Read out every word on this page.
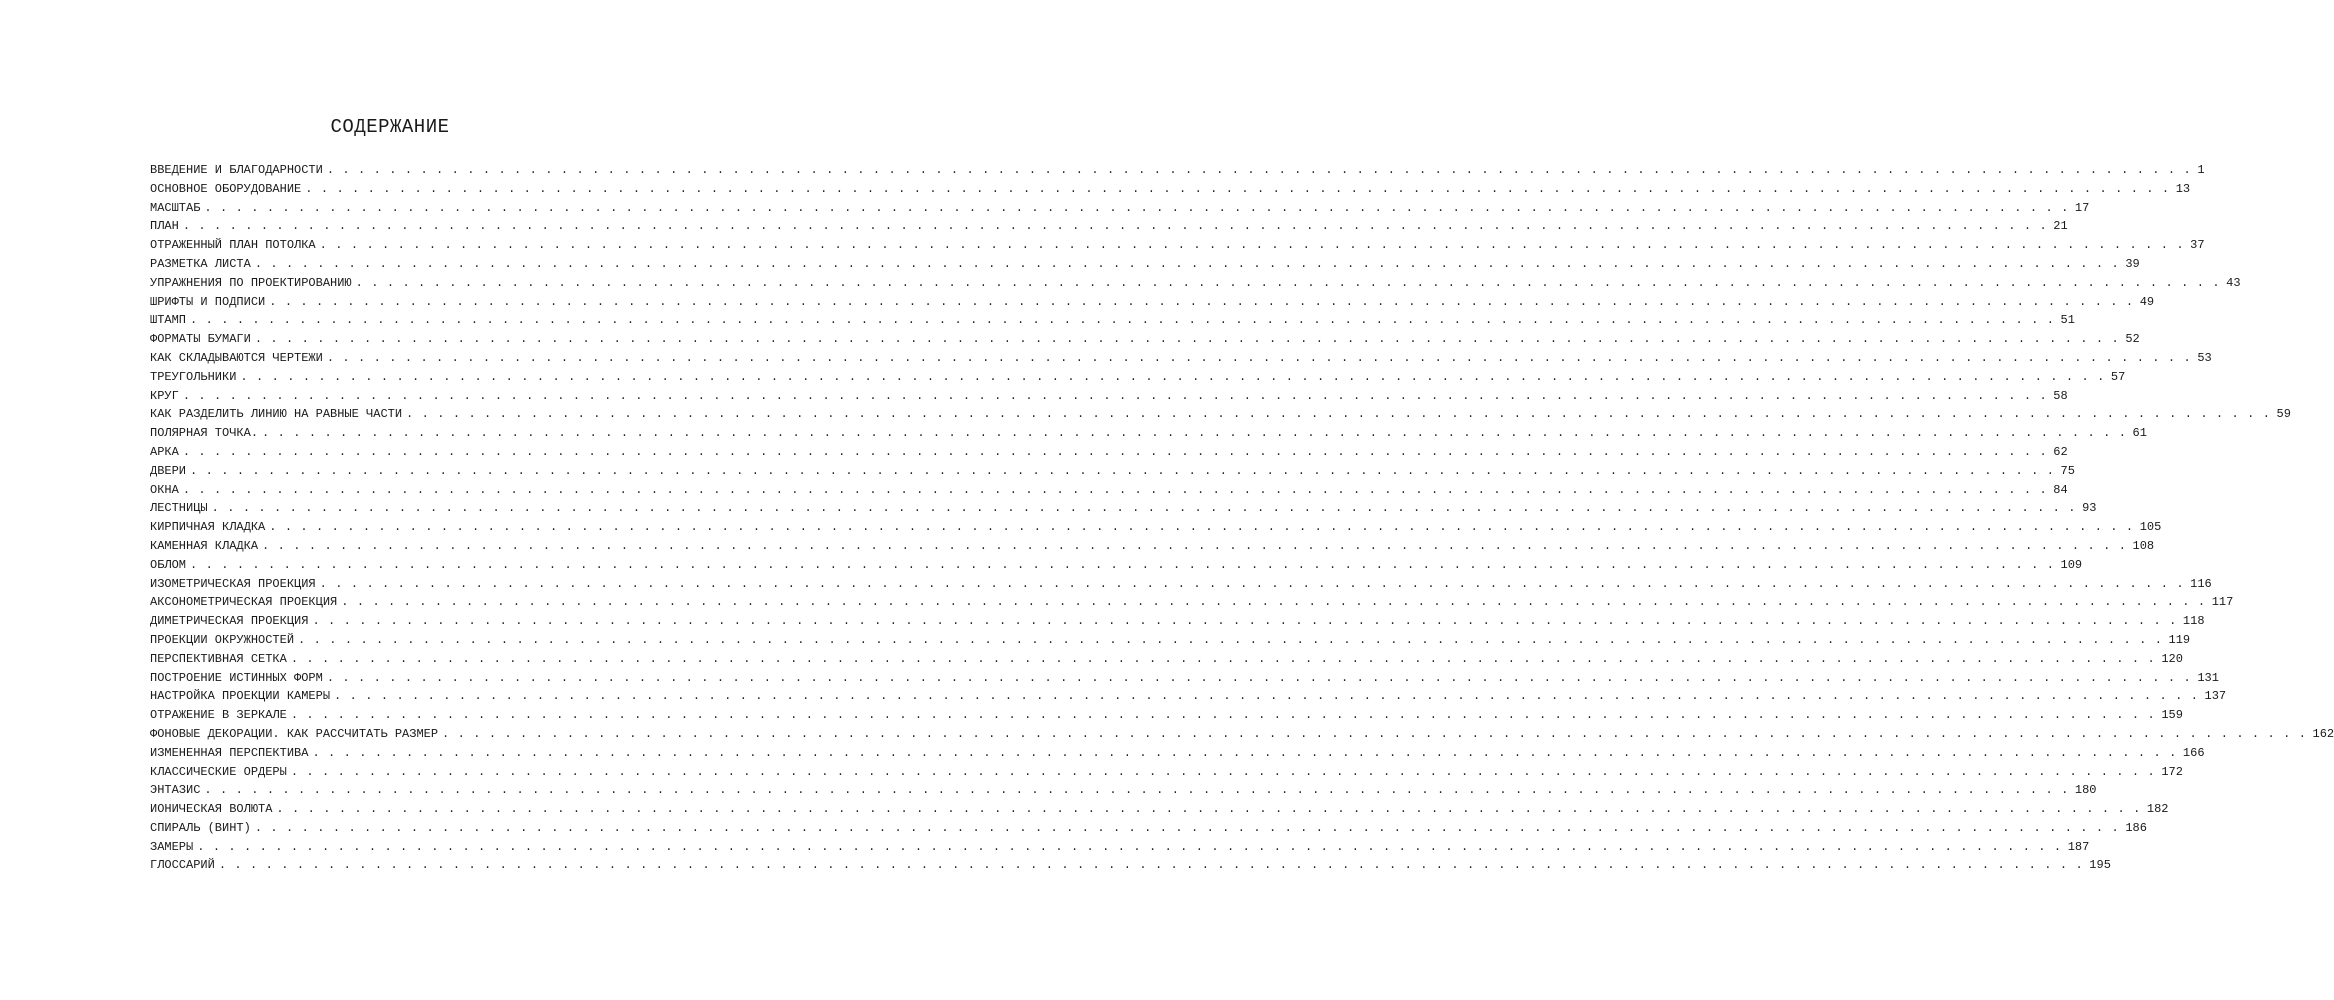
СОДЕРЖАНИЕ
ВВЕДЕНИЕ И БЛАГОДАРНОСТИ . . . . . . . . . . . . . . . . . . . . . . . . . . . . . . . . . . . . . . . . . . . . . . . . . . . . . . . . . . . . . . . . . . . . . . . . . . . . . . . . . . . . . . . . . . . . . . . . . . . . . . . . . . . . . . . . . . . . . . . . 1
ОСНОВНОЕ ОБОРУДОВАНИЕ . . . . . . . . . . . . . . . . . . . . . . . . . . . . . . . . . . . . . . . . . . . . . . . . . . . . . . . . . . . . . . . . . . . . . . . . . . . . . . . . . . . . . . . . . . . . . . . . . . . . . . . . . . . . . . . . . . . . . . . . 13
МАСШТАБ . . . . . . . . . . . . . . . . . . . . . . . . . . . . . . . . . . . . . . . . . . . . . . . . . . . . . . . . . . . . . . . . . . . . . . . . . . . . . . . . . . . . . . . . . . . . . . . . . . . . . . . . . . . . . . . . . . . . . . . . 17
ПЛАН . . . . . . . . . . . . . . . . . . . . . . . . . . . . . . . . . . . . . . . . . . . . . . . . . . . . . . . . . . . . . . . . . . . . . . . . . . . . . . . . . . . . . . . . . . . . . . . . . . . . . . . . . . . . . . . . . . . . . . . . 21
ОТРАЖЕННЫЙ ПЛАН ПОТОЛКА . . . . . . . . . . . . . . . . . . . . . . . . . . . . . . . . . . . . . . . . . . . . . . . . . . . . . . . . . . . . . . . . . . . . . . . . . . . . . . . . . . . . . . . . . . . . . . . . . . . . . . . . . . . . . . . . . . . . . . . . 37
РАЗМЕТКА ЛИСТА . . . . . . . . . . . . . . . . . . . . . . . . . . . . . . . . . . . . . . . . . . . . . . . . . . . . . . . . . . . . . . . . . . . . . . . . . . . . . . . . . . . . . . . . . . . . . . . . . . . . . . . . . . . . . . . . . . . . . . . . 39
УПРАЖНЕНИЯ ПО ПРОЕКТИРОВАНИЮ . . . . . . . . . . . . . . . . . . . . . . . . . . . . . . . . . . . . . . . . . . . . . . . . . . . . . . . . . . . . . . . . . . . . . . . . . . . . . . . . . . . . . . . . . . . . . . . . . . . . . . . . . . . . . . . . . . . . . . . . 43
ШРИФТЫ И ПОДПИСИ . . . . . . . . . . . . . . . . . . . . . . . . . . . . . . . . . . . . . . . . . . . . . . . . . . . . . . . . . . . . . . . . . . . . . . . . . . . . . . . . . . . . . . . . . . . . . . . . . . . . . . . . . . . . . . . . . . . . . . . . 49
ШТАМП . . . . . . . . . . . . . . . . . . . . . . . . . . . . . . . . . . . . . . . . . . . . . . . . . . . . . . . . . . . . . . . . . . . . . . . . . . . . . . . . . . . . . . . . . . . . . . . . . . . . . . . . . . . . . . . . . . . . . . . . 51
ФОРМАТЫ БУМАГИ . . . . . . . . . . . . . . . . . . . . . . . . . . . . . . . . . . . . . . . . . . . . . . . . . . . . . . . . . . . . . . . . . . . . . . . . . . . . . . . . . . . . . . . . . . . . . . . . . . . . . . . . . . . . . . . . . . . . . . . . 52
КАК СКЛАДЫВАЮТСЯ ЧЕРТЕЖИ . . . . . . . . . . . . . . . . . . . . . . . . . . . . . . . . . . . . . . . . . . . . . . . . . . . . . . . . . . . . . . . . . . . . . . . . . . . . . . . . . . . . . . . . . . . . . . . . . . . . . . . . . . . . . . . . . . . . . . . . 53
ТРЕУГОЛЬНИКИ . . . . . . . . . . . . . . . . . . . . . . . . . . . . . . . . . . . . . . . . . . . . . . . . . . . . . . . . . . . . . . . . . . . . . . . . . . . . . . . . . . . . . . . . . . . . . . . . . . . . . . . . . . . . . . . . . . . . . . . . 57
КРУГ . . . . . . . . . . . . . . . . . . . . . . . . . . . . . . . . . . . . . . . . . . . . . . . . . . . . . . . . . . . . . . . . . . . . . . . . . . . . . . . . . . . . . . . . . . . . . . . . . . . . . . . . . . . . . . . . . . . . . . . . 58
КАК РАЗДЕЛИТЬ ЛИНИЮ НА РАВНЫЕ ЧАСТИ . . . . . . . . . . . . . . . . . . . . . . . . . . . . . . . . . . . . . . . . . . . . . . . . . . . . . . . . . . . . . . . . . . . . . . . . . . . . . . . . . . . . . . . . . . . . . . . . . . . . . . . . . . . . . . . . . . . . . . . . 59
ПОЛЯРНАЯ ТОЧКА. . . . . . . . . . . . . . . . . . . . . . . . . . . . . . . . . . . . . . . . . . . . . . . . . . . . . . . . . . . . . . . . . . . . . . . . . . . . . . . . . . . . . . . . . . . . . . . . . . . . . . . . . . . . . . . . . . . . . . . . . 61
АРКА . . . . . . . . . . . . . . . . . . . . . . . . . . . . . . . . . . . . . . . . . . . . . . . . . . . . . . . . . . . . . . . . . . . . . . . . . . . . . . . . . . . . . . . . . . . . . . . . . . . . . . . . . . . . . . . . . . . . . . . . 62
ДВЕРИ . . . . . . . . . . . . . . . . . . . . . . . . . . . . . . . . . . . . . . . . . . . . . . . . . . . . . . . . . . . . . . . . . . . . . . . . . . . . . . . . . . . . . . . . . . . . . . . . . . . . . . . . . . . . . . . . . . . . . . . . 75
ОКНА . . . . . . . . . . . . . . . . . . . . . . . . . . . . . . . . . . . . . . . . . . . . . . . . . . . . . . . . . . . . . . . . . . . . . . . . . . . . . . . . . . . . . . . . . . . . . . . . . . . . . . . . . . . . . . . . . . . . . . . . 84
ЛЕСТНИЦЫ . . . . . . . . . . . . . . . . . . . . . . . . . . . . . . . . . . . . . . . . . . . . . . . . . . . . . . . . . . . . . . . . . . . . . . . . . . . . . . . . . . . . . . . . . . . . . . . . . . . . . . . . . . . . . . . . . . . . . . . . 93
КИРПИЧНАЯ КЛАДКА . . . . . . . . . . . . . . . . . . . . . . . . . . . . . . . . . . . . . . . . . . . . . . . . . . . . . . . . . . . . . . . . . . . . . . . . . . . . . . . . . . . . . . . . . . . . . . . . . . . . . . . . . . . . . . . . . . . . . . . . 105
КАМЕННАЯ КЛАДКА . . . . . . . . . . . . . . . . . . . . . . . . . . . . . . . . . . . . . . . . . . . . . . . . . . . . . . . . . . . . . . . . . . . . . . . . . . . . . . . . . . . . . . . . . . . . . . . . . . . . . . . . . . . . . . . . . . . . . . . . 108
ОБЛОМ . . . . . . . . . . . . . . . . . . . . . . . . . . . . . . . . . . . . . . . . . . . . . . . . . . . . . . . . . . . . . . . . . . . . . . . . . . . . . . . . . . . . . . . . . . . . . . . . . . . . . . . . . . . . . . . . . . . . . . . . 109
ИЗОМЕТРИЧЕСКАЯ ПРОЕКЦИЯ . . . . . . . . . . . . . . . . . . . . . . . . . . . . . . . . . . . . . . . . . . . . . . . . . . . . . . . . . . . . . . . . . . . . . . . . . . . . . . . . . . . . . . . . . . . . . . . . . . . . . . . . . . . . . . . . . . . . . . . . 116
АКСОНОМЕТРИЧЕСКАЯ ПРОЕКЦИЯ . . . . . . . . . . . . . . . . . . . . . . . . . . . . . . . . . . . . . . . . . . . . . . . . . . . . . . . . . . . . . . . . . . . . . . . . . . . . . . . . . . . . . . . . . . . . . . . . . . . . . . . . . . . . . . . . . . . . . . . . 117
ДИМЕТРИЧЕСКАЯ ПРОЕКЦИЯ . . . . . . . . . . . . . . . . . . . . . . . . . . . . . . . . . . . . . . . . . . . . . . . . . . . . . . . . . . . . . . . . . . . . . . . . . . . . . . . . . . . . . . . . . . . . . . . . . . . . . . . . . . . . . . . . . . . . . . . . 118
ПРОЕКЦИИ ОКРУЖНОСТЕЙ . . . . . . . . . . . . . . . . . . . . . . . . . . . . . . . . . . . . . . . . . . . . . . . . . . . . . . . . . . . . . . . . . . . . . . . . . . . . . . . . . . . . . . . . . . . . . . . . . . . . . . . . . . . . . . . . . . . . . . . . 119
ПЕРСПЕКТИВНАЯ СЕТКА . . . . . . . . . . . . . . . . . . . . . . . . . . . . . . . . . . . . . . . . . . . . . . . . . . . . . . . . . . . . . . . . . . . . . . . . . . . . . . . . . . . . . . . . . . . . . . . . . . . . . . . . . . . . . . . . . . . . . . . . 120
ПОСТРОЕНИЕ ИСТИННЫХ ФОРМ . . . . . . . . . . . . . . . . . . . . . . . . . . . . . . . . . . . . . . . . . . . . . . . . . . . . . . . . . . . . . . . . . . . . . . . . . . . . . . . . . . . . . . . . . . . . . . . . . . . . . . . . . . . . . . . . . . . . . . . . 131
НАСТРОЙКА ПРОЕКЦИИ КАМЕРЫ . . . . . . . . . . . . . . . . . . . . . . . . . . . . . . . . . . . . . . . . . . . . . . . . . . . . . . . . . . . . . . . . . . . . . . . . . . . . . . . . . . . . . . . . . . . . . . . . . . . . . . . . . . . . . . . . . . . . . . . . 137
ОТРАЖЕНИЕ В ЗЕРКАЛЕ . . . . . . . . . . . . . . . . . . . . . . . . . . . . . . . . . . . . . . . . . . . . . . . . . . . . . . . . . . . . . . . . . . . . . . . . . . . . . . . . . . . . . . . . . . . . . . . . . . . . . . . . . . . . . . . . . . . . . . . . 159
ФОНОВЫЕ ДЕКОРАЦИИ. КАК РАССЧИТАТЬ РАЗМЕР . . . . . . . . . . . . . . . . . . . . . . . . . . . . . . . . . . . . . . . . . . . . . . . . . . . . . . . . . . . . . . . . . . . . . . . . . . . . . . . . . . . . . . . . . . . . . . . . . . . . . . . . . . . . . . . . . . . . . . . . 162
ИЗМЕНЕННАЯ ПЕРСПЕКТИВА . . . . . . . . . . . . . . . . . . . . . . . . . . . . . . . . . . . . . . . . . . . . . . . . . . . . . . . . . . . . . . . . . . . . . . . . . . . . . . . . . . . . . . . . . . . . . . . . . . . . . . . . . . . . . . . . . . . . . . . . 166
КЛАССИЧЕСКИЕ ОРДЕРЫ . . . . . . . . . . . . . . . . . . . . . . . . . . . . . . . . . . . . . . . . . . . . . . . . . . . . . . . . . . . . . . . . . . . . . . . . . . . . . . . . . . . . . . . . . . . . . . . . . . . . . . . . . . . . . . . . . . . . . . . . 172
ЭНТАЗИС . . . . . . . . . . . . . . . . . . . . . . . . . . . . . . . . . . . . . . . . . . . . . . . . . . . . . . . . . . . . . . . . . . . . . . . . . . . . . . . . . . . . . . . . . . . . . . . . . . . . . . . . . . . . . . . . . . . . . . . . 180
ИОНИЧЕСКАЯ ВОЛЮТА . . . . . . . . . . . . . . . . . . . . . . . . . . . . . . . . . . . . . . . . . . . . . . . . . . . . . . . . . . . . . . . . . . . . . . . . . . . . . . . . . . . . . . . . . . . . . . . . . . . . . . . . . . . . . . . . . . . . . . . . 182
СПИРАЛЬ (ВИНТ) . . . . . . . . . . . . . . . . . . . . . . . . . . . . . . . . . . . . . . . . . . . . . . . . . . . . . . . . . . . . . . . . . . . . . . . . . . . . . . . . . . . . . . . . . . . . . . . . . . . . . . . . . . . . . . . . . . . . . . . . 186
ЗАМЕРЫ . . . . . . . . . . . . . . . . . . . . . . . . . . . . . . . . . . . . . . . . . . . . . . . . . . . . . . . . . . . . . . . . . . . . . . . . . . . . . . . . . . . . . . . . . . . . . . . . . . . . . . . . . . . . . . . . . . . . . . . . 187
ГЛОССАРИЙ . . . . . . . . . . . . . . . . . . . . . . . . . . . . . . . . . . . . . . . . . . . . . . . . . . . . . . . . . . . . . . . . . . . . . . . . . . . . . . . . . . . . . . . . . . . . . . . . . . . . . . . . . . . . . . . . . . . . . . . . 195
